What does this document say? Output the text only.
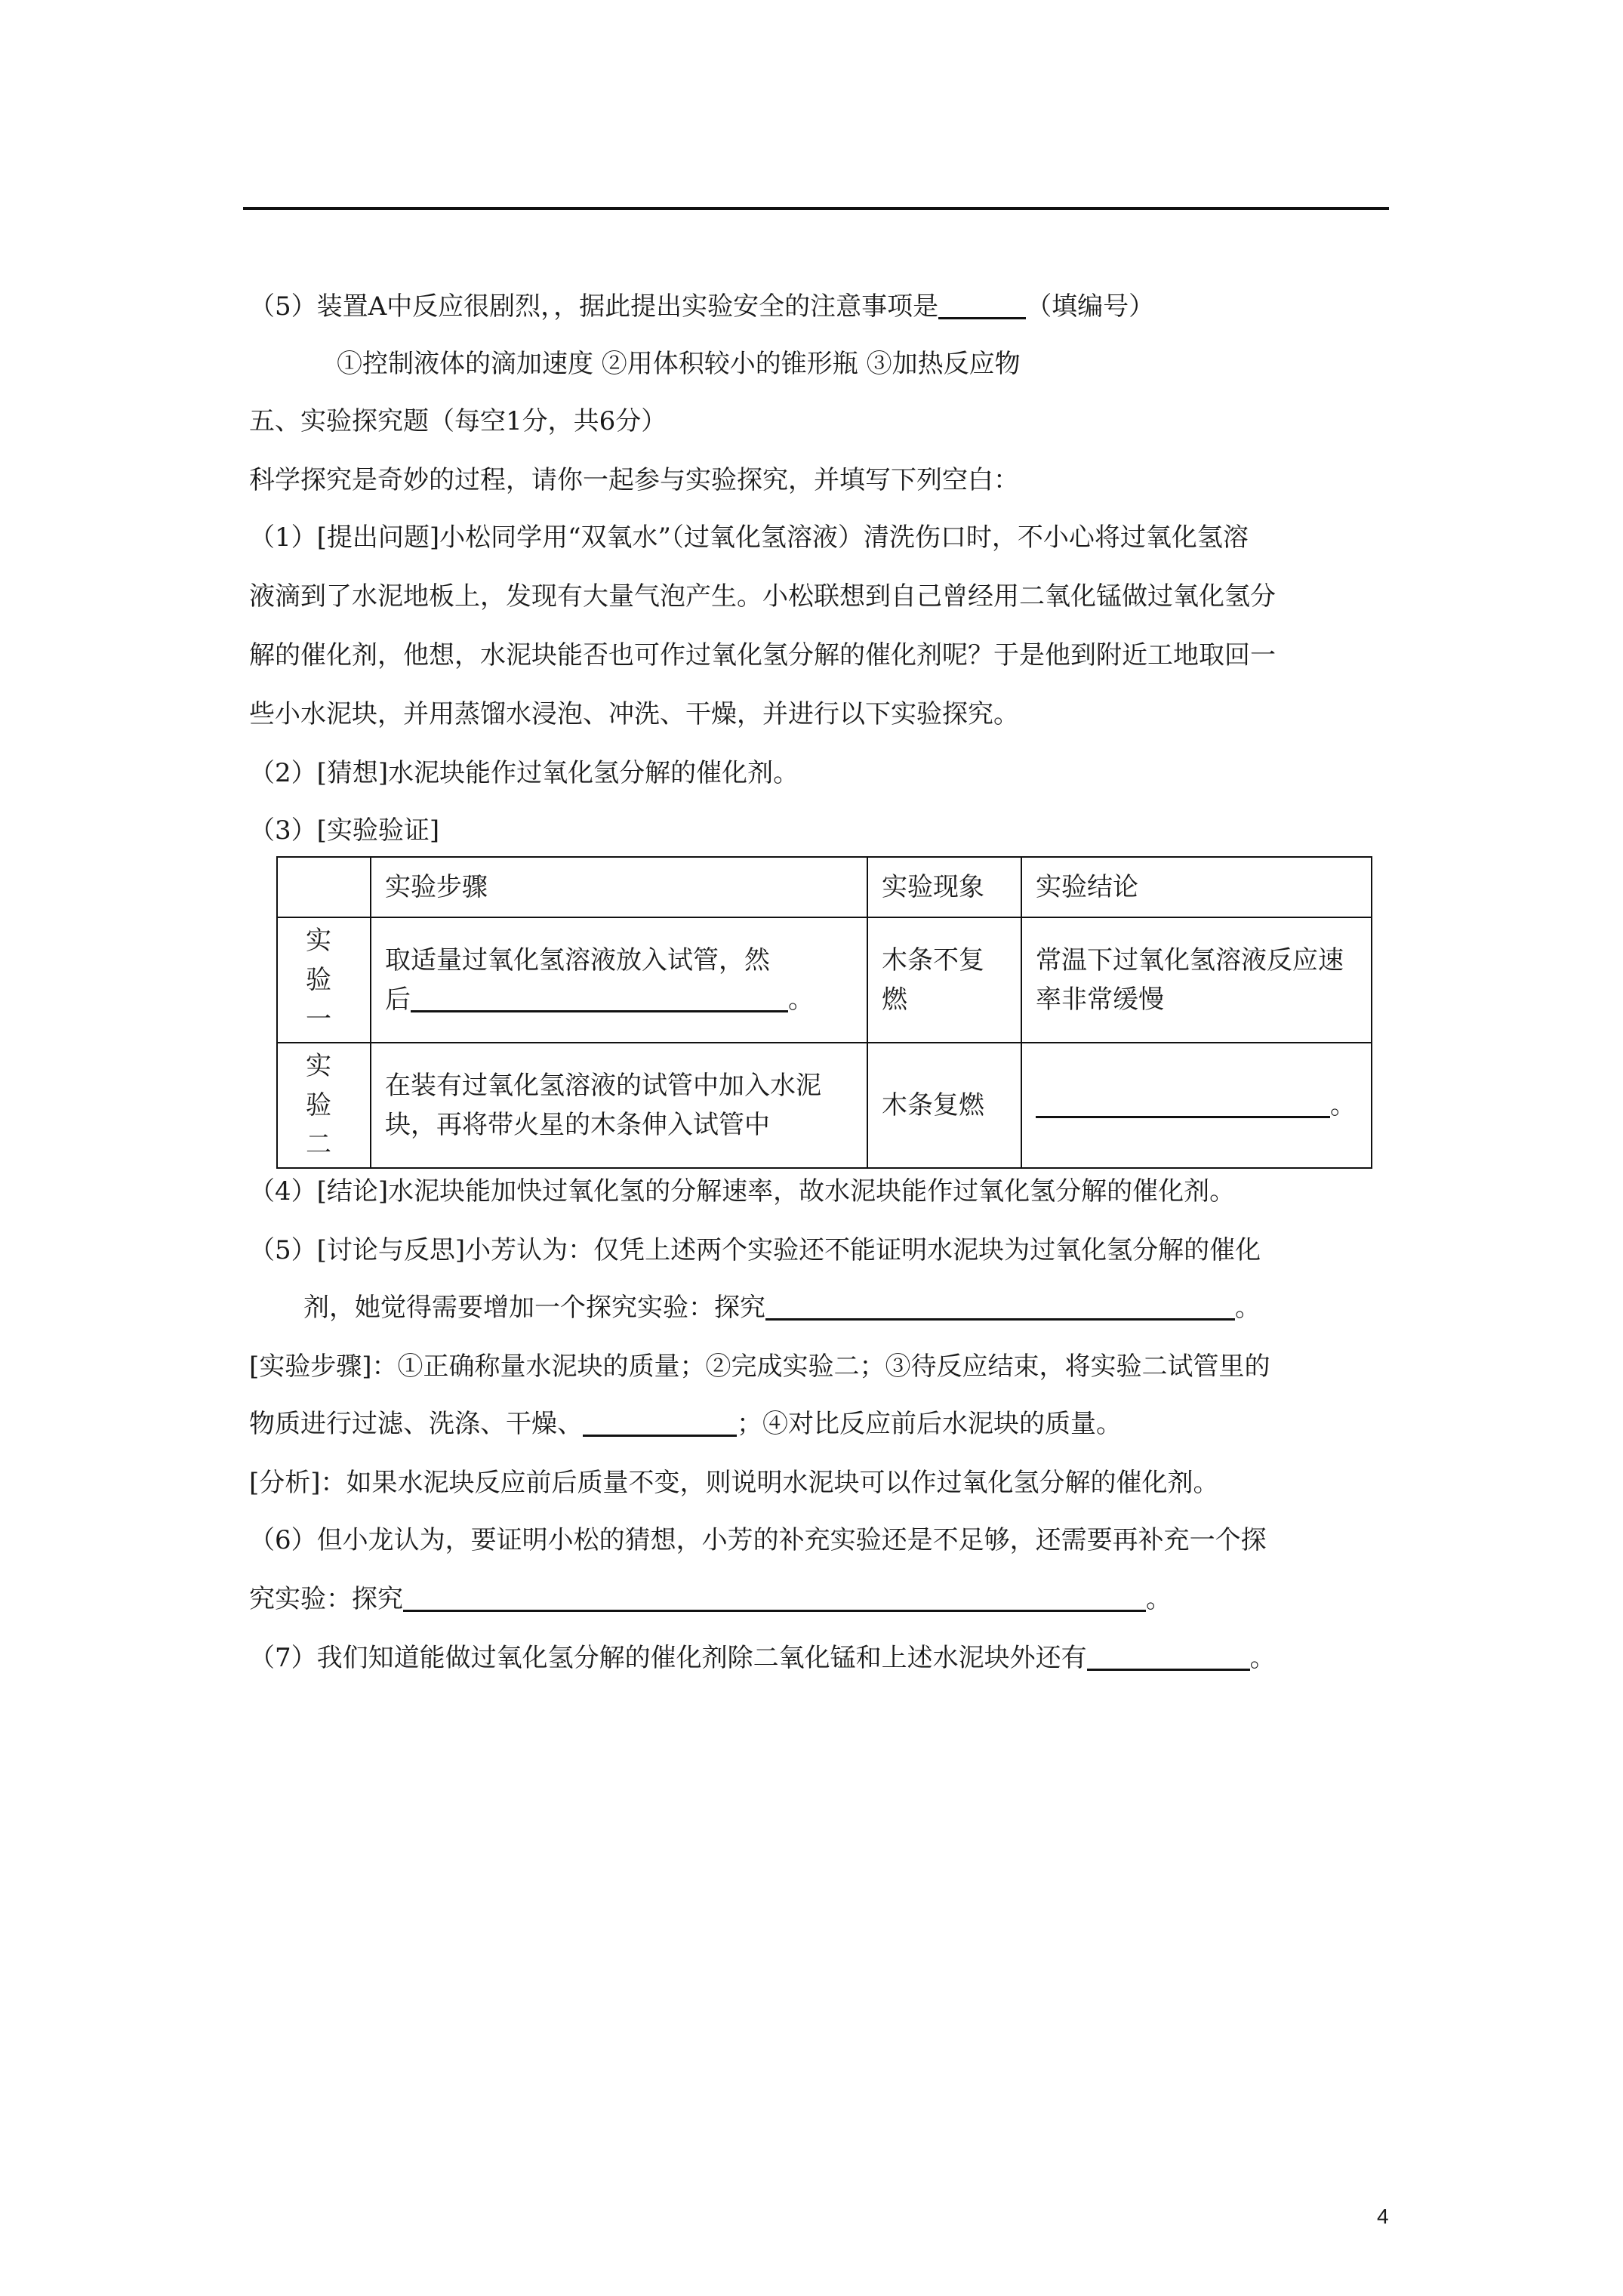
（5）装置A中反应很剧烈，，据此提出实验安全的注意事项是	（填编号）
①控制液体的滴加速度 ②用体积较小的锥形瓶 ③加热反应物
五、实验探究题（每空1分，共6分）
科学探究是奇妙的过程，请你一起参与实验探究，并填写下列空白：
（1）[提出问题]小松同学用“双氧水”（过氧化氢溶液）清洗伤口时，不小心将过氧化氢溶
液滴到了水泥地板上，发现有大量气泡产生。小松联想到自己曾经用二氧化锰做过氧化氢分
解的催化剂，他想，水泥块能否也可作过氧化氢分解的催化剂呢？于是他到附近工地取回一
些小水泥块，并用蒸馏水浸泡、冲洗、干燥，并进行以下实验探究。
（2）[猜想]水泥块能作过氧化氢分解的催化剂。
（3）[实验验证]
	实验步骤	实验现象	实验结论
实验一	取适量过氧化氢溶液放入试管，然
后 。	木条不复燃	常温下过氧化氢溶液反应速率非常缓慢
实验二	在装有过氧化氢溶液的试管中加入水泥块，再将带火星的木条伸入试管中	木条复燃	。
（4）[结论]水泥块能加快过氧化氢的分解速率，故水泥块能作过氧化氢分解的催化剂。
（5）[讨论与反思]小芳认为：仅凭上述两个实验还不能证明水泥块为过氧化氢分解的催化
剂，她觉得需要增加一个探究实验：探究	。
[实验步骤]：①正确称量水泥块的质量；②完成实验二；③待反应结束，将实验二试管里的
物质进行过滤、洗涤、干燥、	；④对比反应前后水泥块的质量。
[分析]：如果水泥块反应前后质量不变，则说明水泥块可以作过氧化氢分解的催化剂。
（6）但小龙认为，要证明小松的猜想，小芳的补充实验还是不足够，还需要再补充一个探
究实验：探究	。
（7）我们知道能做过氧化氢分解的催化剂除二氧化锰和上述水泥块外还有	。
4
